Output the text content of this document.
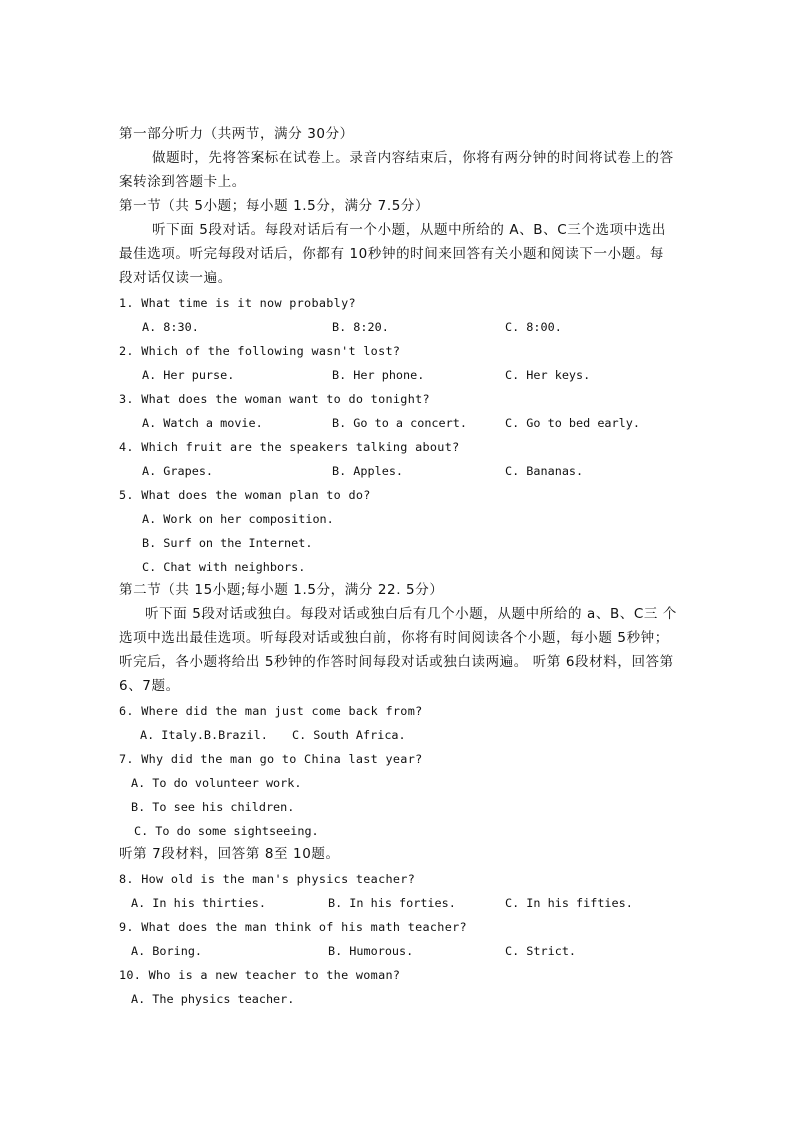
第一部分听力（共两节，满分 30分）
做题时，先将答案标在试卷上。录音内容结束后，你将有两分钟的时间将试卷上的答
案转涂到答题卡上。
第一节（共 5小题；每小题 1.5分，满分 7.5分）
听下面 5段对话。每段对话后有一个小题，从题中所给的 A、B、C三个选项中选出
最佳选项。听完每段对话后，你都有 10秒钟的时间来回答有关小题和阅读下一小题。每
段对话仅读一遍。
1. What time is it now probably?
A. 8:30.	B. 8:20.	C. 8:00.
2. Which of the following wasn't lost?
A. Her purse.	B. Her phone.	C. Her keys.
3. What does the woman want to do tonight?
A. Watch a movie.	B. Go to a concert.	C. Go to bed early.
4. Which fruit are the speakers talking about?
A. Grapes.	B. Apples.	C. Bananas.
5. What does the woman plan to do?
A. Work on her composition.
B. Surf on the Internet.
C. Chat with neighbors.
第二节（共 15小题;每小题 1.5分，满分 22. 5分）
听下面 5段对话或独白。每段对话或独白后有几个小题，从题中所给的 a、B、C三 个
选项中选出最佳选项。听每段对话或独白前，你将有时间阅读各个小题，每小题 5秒钟；
听完后，各小题将给出 5秒钟的作答时间每段对话或独白读两遍。 听第 6段材料，回答第
6、7题。
6. Where did the man just come back from?
A. Italy.B.Brazil. C. South Africa.
7. Why did the man go to China last year?
A. To do volunteer work.
B. To see his children.
C. To do some sightseeing.
听第 7段材料，回答第 8至 10题。
8. How old is the man's physics teacher?
A. In his thirties.	B. In his forties.	C. In his fifties.
9. What does the man think of his math teacher?
A. Boring.	B. Humorous.	C. Strict.
10. Who is a new teacher to the woman?
A. The physics teacher.
